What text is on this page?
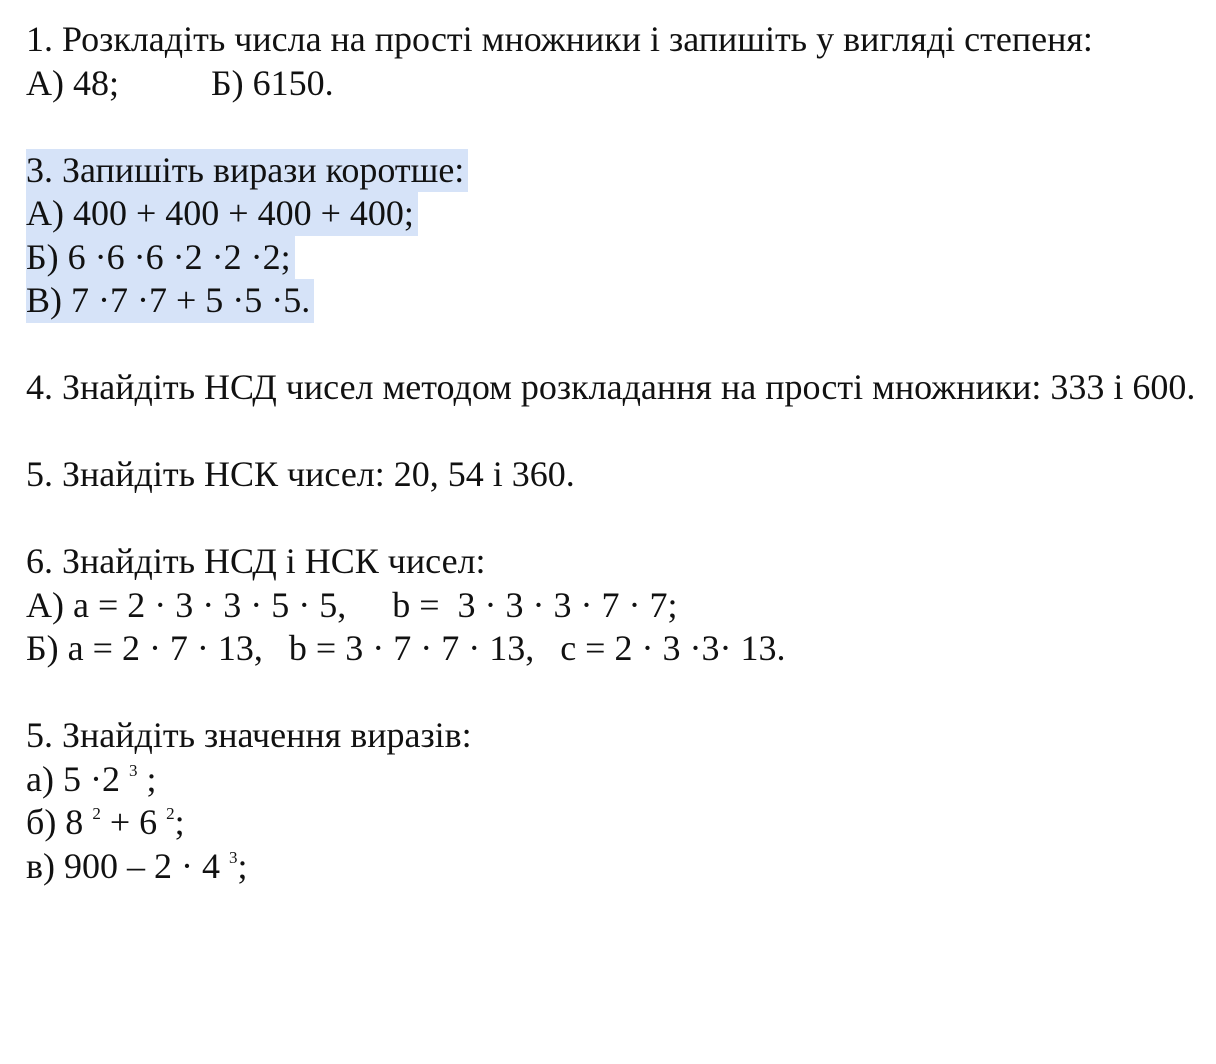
1. Розкладіть числа на прості множники і запишіть у вигляді степеня:
А) 48;	Б) 6150.
3. Запишіть вирази коротше:
А) 400 + 400 + 400 + 400;
Б) 6 ·6 ·6 ·2 ·2 ·2;
В) 7 ·7 ·7 + 5 ·5 ·5.
4. Знайдіть НСД чисел методом розкладання на прості множники: 333 і 600.
5. Знайдіть НСК чисел: 20, 54 і 360.
6. Знайдіть НСД і НСК чисел:
А) a = 2 · 3 · 3 · 5 · 5, b =  3 · 3 · 3 · 7 · 7;
Б) a = 2 · 7 · 13, b = 3 · 7 · 7 · 13, c = 2 · 3 ·3· 13.
5. Знайдіть значення виразів:
а) 5 ·2 $^3$ ;
б) 8 $^2$ + 6 $^2$;
в) 900 – 2 · 4 $^3$;
